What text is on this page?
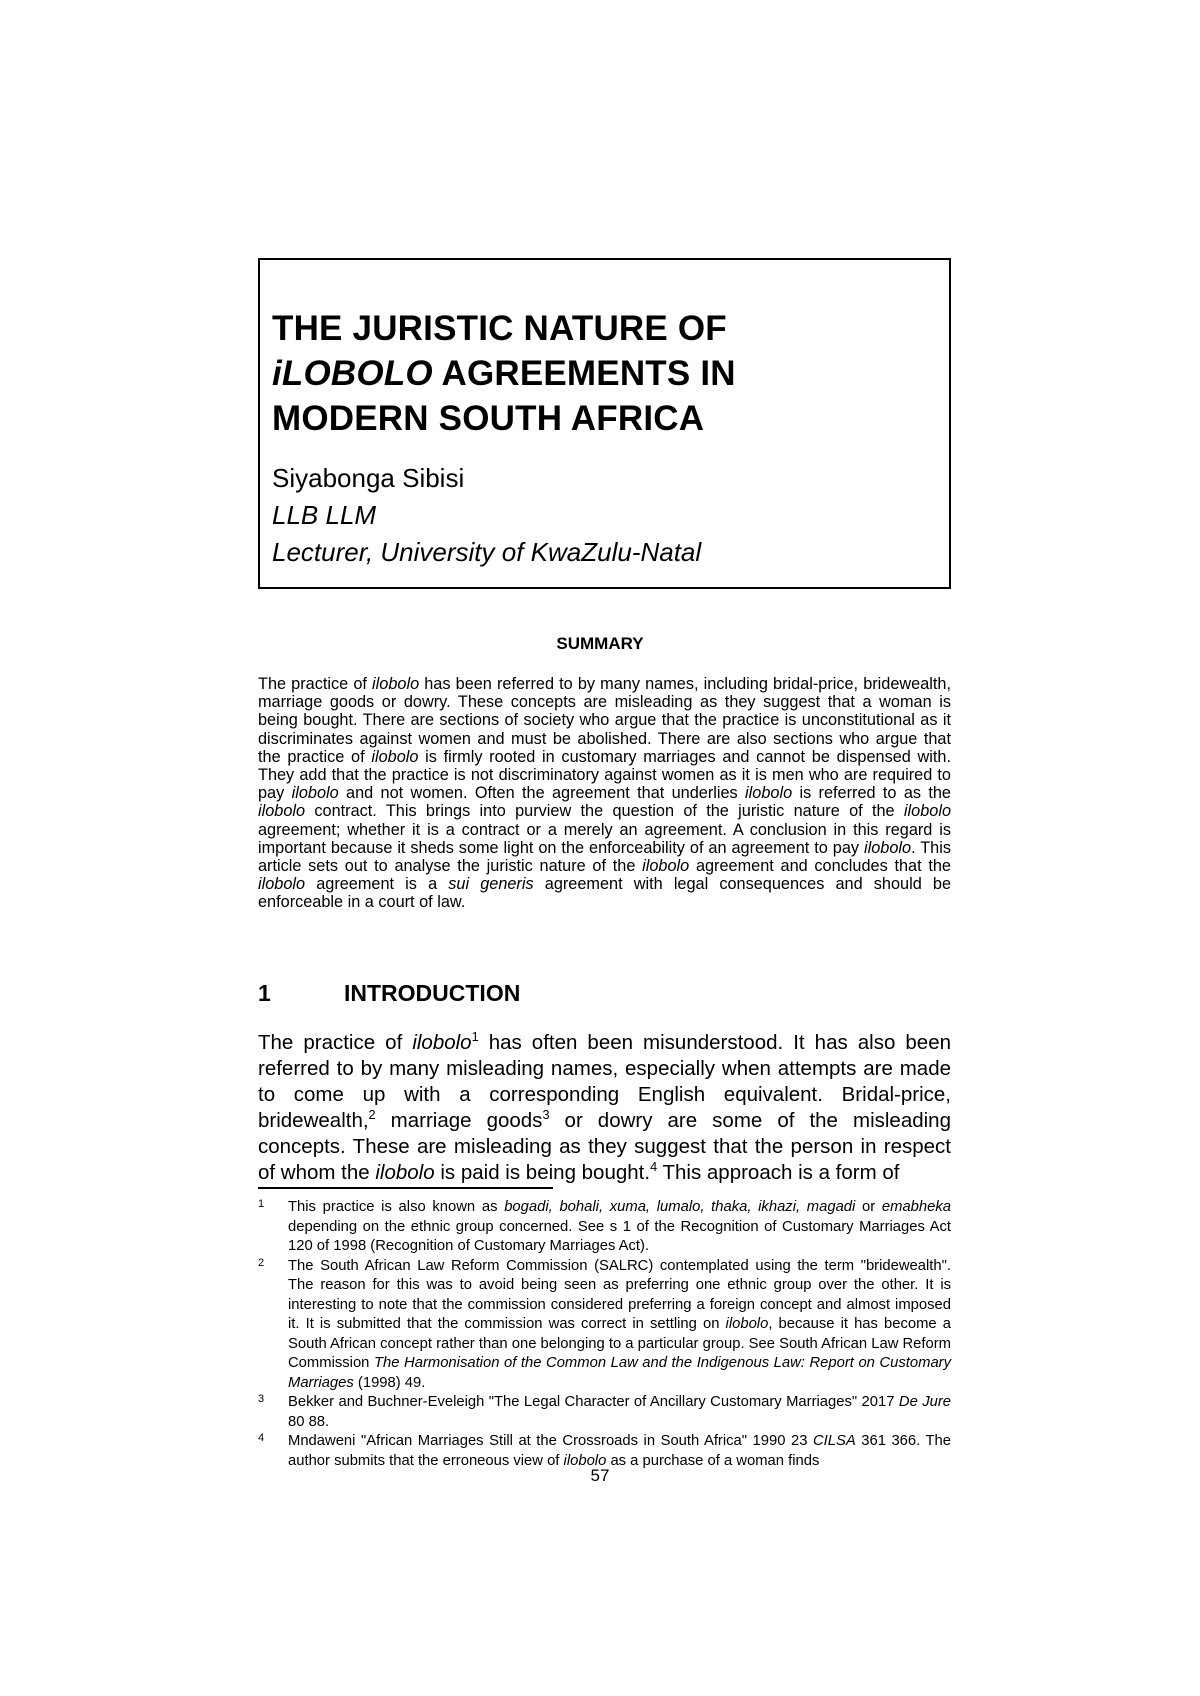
THE JURISTIC NATURE OF
iLOBOLO AGREEMENTS IN
MODERN SOUTH AFRICA
Siyabonga Sibisi
LLB LLM
Lecturer, University of KwaZulu-Natal
SUMMARY

The practice of ilobolo has been referred to by many names, including bridal-price, bridewealth, marriage goods or dowry. These concepts are misleading as they suggest that a woman is being bought. There are sections of society who argue that the practice is unconstitutional as it discriminates against women and must be abolished. There are also sections who argue that the practice of ilobolo is firmly rooted in customary marriages and cannot be dispensed with. They add that the practice is not discriminatory against women as it is men who are required to pay ilobolo and not women. Often the agreement that underlies ilobolo is referred to as the ilobolo contract. This brings into purview the question of the juristic nature of the ilobolo agreement; whether it is a contract or a merely an agreement. A conclusion in this regard is important because it sheds some light on the enforceability of an agreement to pay ilobolo. This article sets out to analyse the juristic nature of the ilobolo agreement and concludes that the ilobolo agreement is a sui generis agreement with legal consequences and should be enforceable in a court of law.

1	INTRODUCTION

The practice of ilobolo$^1$ has often been misunderstood. It has also been referred to by many misleading names, especially when attempts are made to come up with a corresponding English equivalent. Bridal-price, bridewealth,$^2$ marriage goods$^3$ or dowry are some of the misleading concepts. These are misleading as they suggest that the person in respect of whom the ilobolo is paid is being bought.$^4$ This approach is a form of

1 This practice is also known as bogadi, bohali, xuma, lumalo, thaka, ikhazi, magadi or emabheka depending on the ethnic group concerned. See s 1 of the Recognition of Customary Marriages Act 120 of 1998 (Recognition of Customary Marriages Act).
2 The South African Law Reform Commission (SALRC) contemplated using the term "bridewealth". The reason for this was to avoid being seen as preferring one ethnic group over the other. It is interesting to note that the commission considered preferring a foreign concept and almost imposed it. It is submitted that the commission was correct in settling on ilobolo, because it has become a South African concept rather than one belonging to a particular group. See South African Law Reform Commission The Harmonisation of the Common Law and the Indigenous Law: Report on Customary Marriages (1998) 49.
3 Bekker and Buchner-Eveleigh "The Legal Character of Ancillary Customary Marriages" 2017 De Jure 80 88.
4 Mndaweni "African Marriages Still at the Crossroads in South Africa" 1990 23 CILSA 361 366. The author submits that the erroneous view of ilobolo as a purchase of a woman finds
57
